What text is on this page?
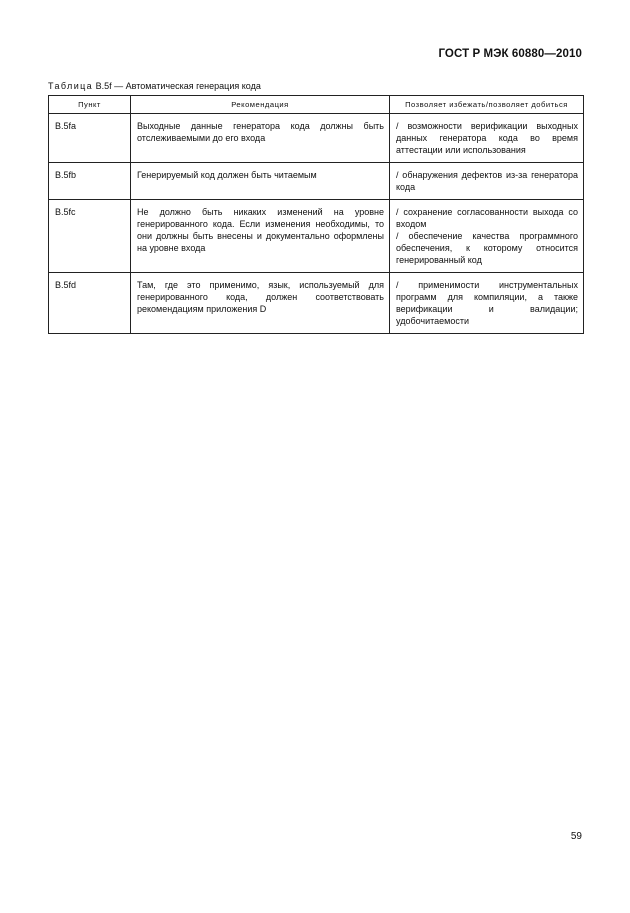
ГОСТ Р МЭК 60880—2010
Таблица B.5f — Автоматическая генерация кода
Пункт	Рекомендация	Позволяет избежать/позволяет добиться
B.5fa	Выходные данные генератора кода должны быть отслеживаемыми до его входа	/ возможности верификации выходных данных генератора кода во время аттестации или использования
B.5fb	Генерируемый код должен быть читаемым	/ обнаружения дефектов из-за генератора кода
B.5fc	Не должно быть никаких изменений на уровне генерированного кода. Если изменения необходимы, то они должны быть внесены и документально оформлены на уровне входа	/ сохранение согласованности выхода со входом
/ обеспечение качества программного обеспечения, к которому относится генерированный код
B.5fd	Там, где это применимо, язык, используемый для генерированного кода, должен соответствовать рекомендациям приложения D	/ применимости инструментальных программ для компиляции, а также верификации и валидации; удобочитаемости
59
